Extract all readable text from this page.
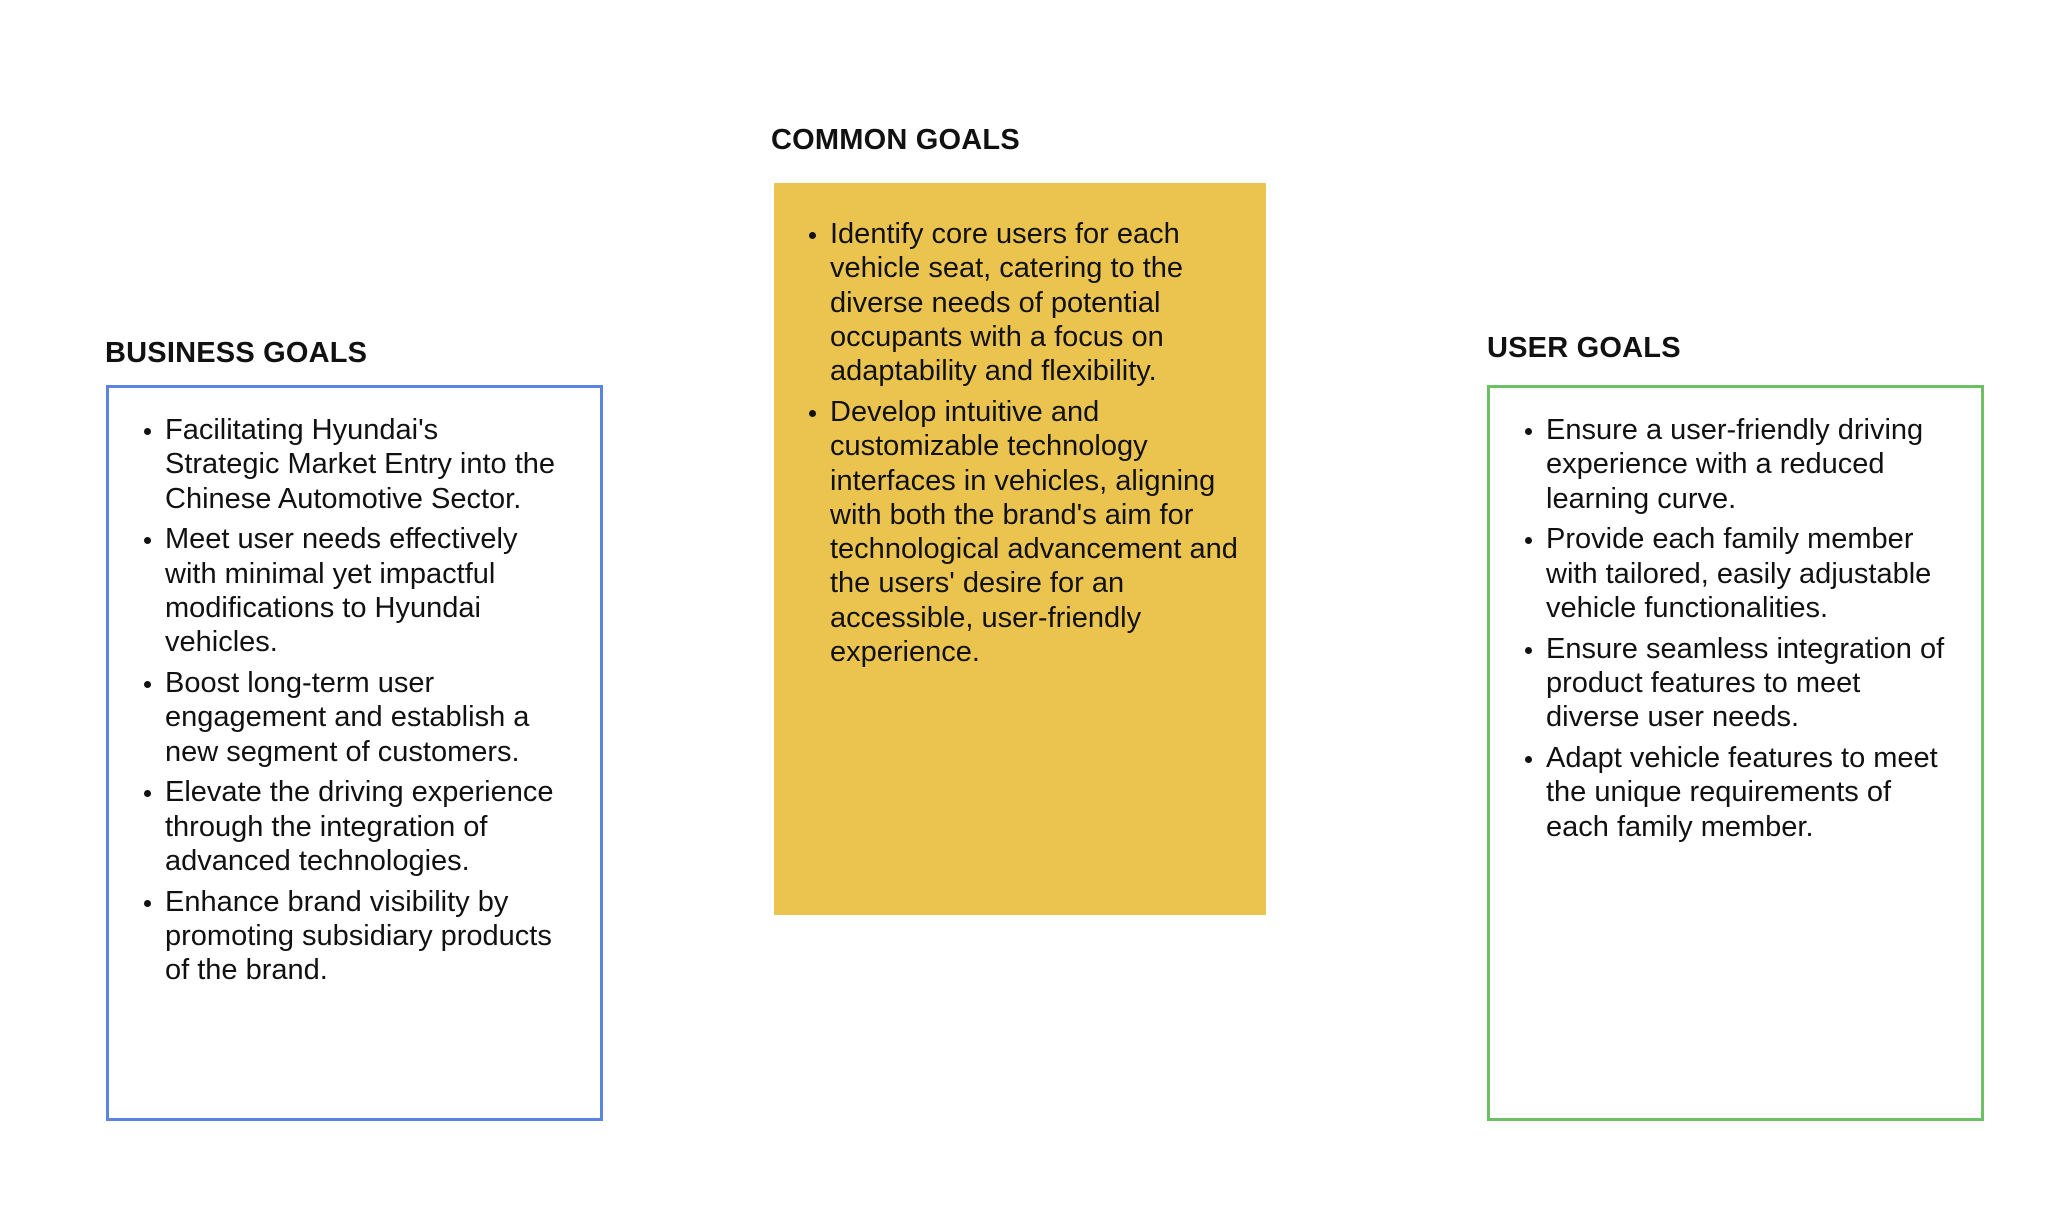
BUSINESS GOALS
• Facilitating Hyundai's Strategic Market Entry into the Chinese Automotive Sector.
• Meet user needs effectively with minimal yet impactful modifications to Hyundai vehicles.
• Boost long-term user engagement and establish a new segment of customers.
• Elevate the driving experience through the integration of advanced technologies.
• Enhance brand visibility by promoting subsidiary products of the brand.
COMMON GOALS
• Identify core users for each vehicle seat, catering to the diverse needs of potential occupants with a focus on adaptability and flexibility.
• Develop intuitive and customizable technology interfaces in vehicles, aligning with both the brand's aim for technological advancement and the users' desire for an accessible, user-friendly experience.
USER GOALS
• Ensure a user-friendly driving experience with a reduced learning curve.
• Provide each family member with tailored, easily adjustable vehicle functionalities.
• Ensure seamless integration of product features to meet diverse user needs.
• Adapt vehicle features to meet the unique requirements of each family member.
